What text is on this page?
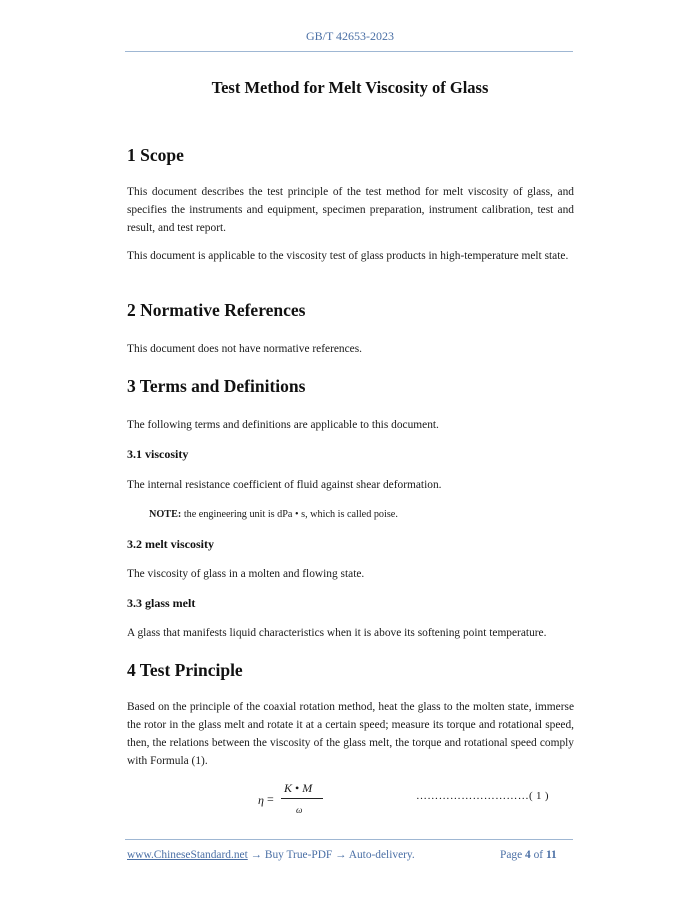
GB/T 42653-2023
Test Method for Melt Viscosity of Glass
1 Scope
This document describes the test principle of the test method for melt viscosity of glass, and specifies the instruments and equipment, specimen preparation, instrument calibration, test and result, and test report.
This document is applicable to the viscosity test of glass products in high-temperature melt state.
2 Normative References
This document does not have normative references.
3 Terms and Definitions
The following terms and definitions are applicable to this document.
3.1 viscosity
The internal resistance coefficient of fluid against shear deformation.
NOTE: the engineering unit is dPa • s, which is called poise.
3.2 melt viscosity
The viscosity of glass in a molten and flowing state.
3.3 glass melt
A glass that manifests liquid characteristics when it is above its softening point temperature.
4 Test Principle
Based on the principle of the coaxial rotation method, heat the glass to the molten state, immerse the rotor in the glass melt and rotate it at a certain speed; measure its torque and rotational speed, then, the relations between the viscosity of the glass melt, the torque and rotational speed comply with Formula (1).
η =
K • M
ω
…………………………( 1 )
www.ChineseStandard.net → Buy True-PDF → Auto-delivery.	Page 4 of 11
